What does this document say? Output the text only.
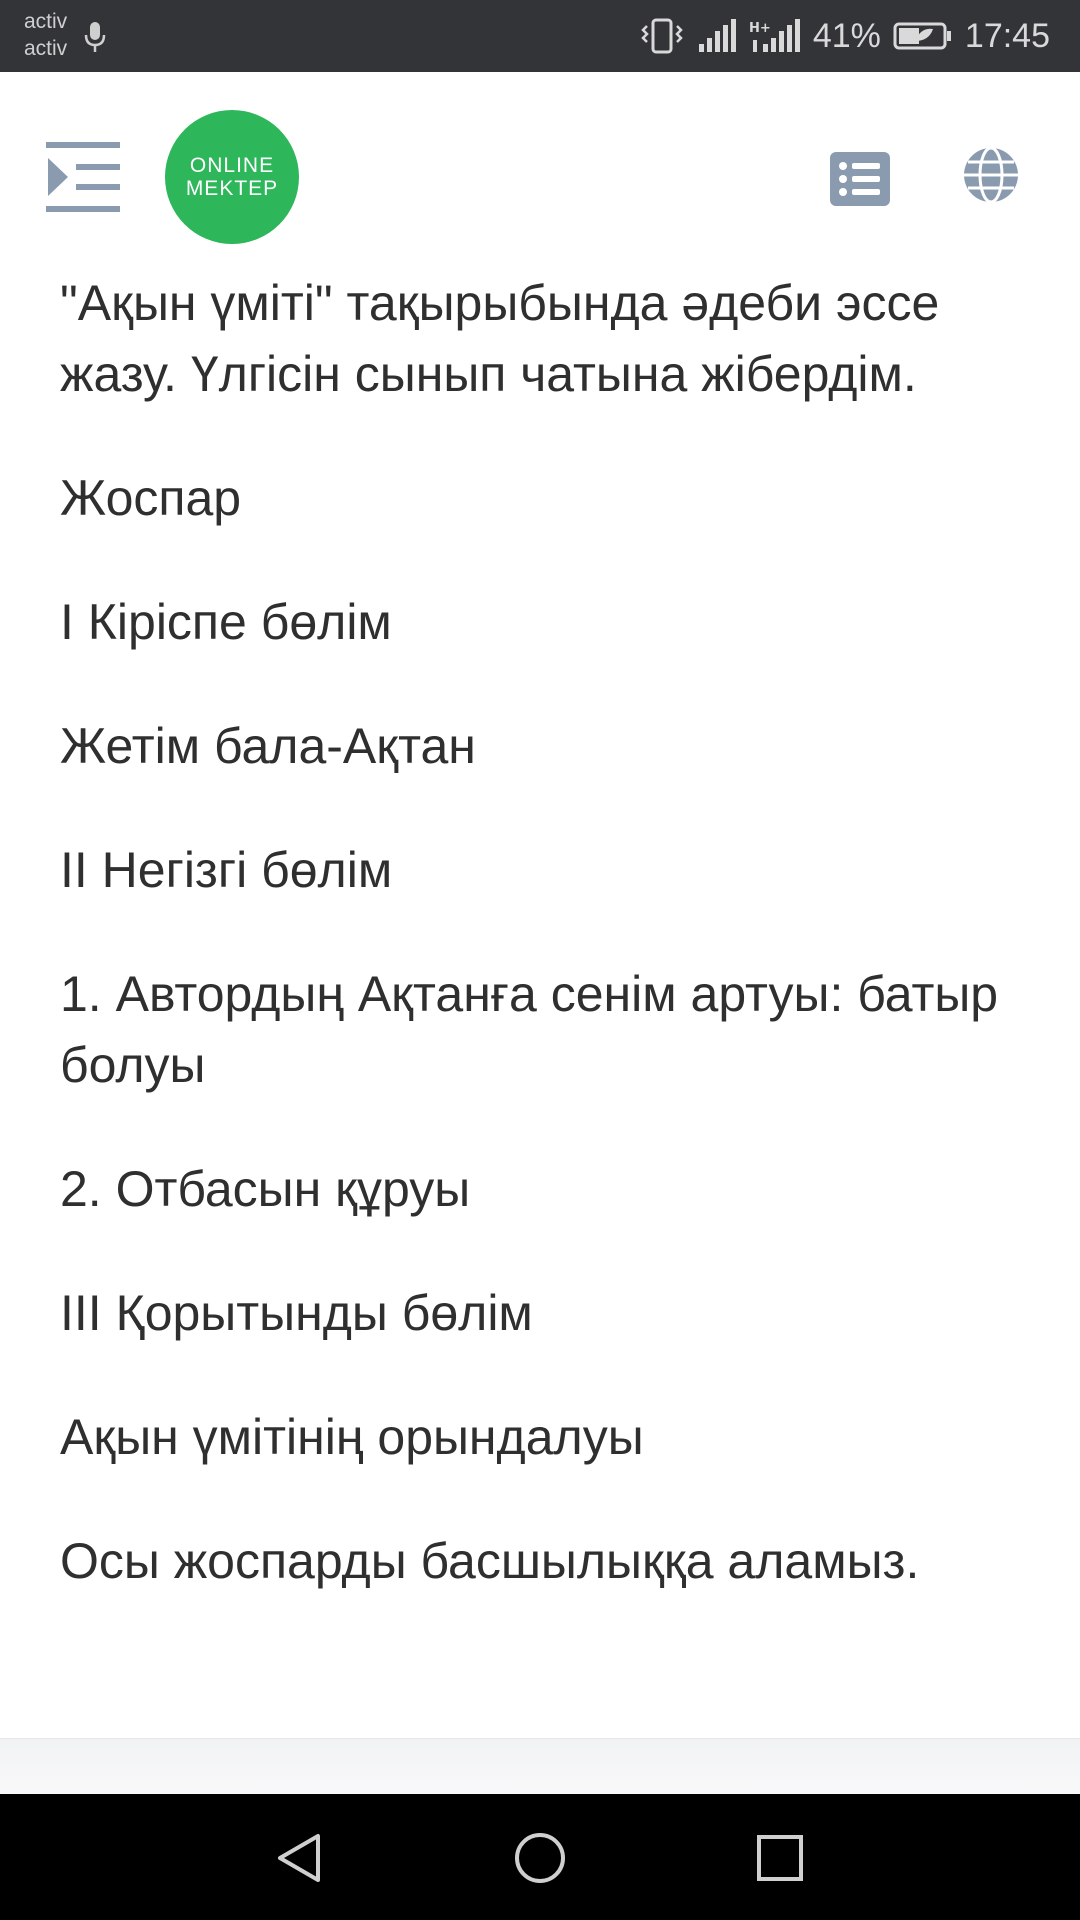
activ
activ
H+ 41% 17:45
ONLINE
MEKTEP

"Ақын үміті" тақырыбында әдеби эссе жазу. Үлгісін сынып чатына жібердім.

Жоспар

I Кіріспе бөлім

Жетім бала-Ақтан

II Негізгі бөлім

1. Автордың Ақтанға сенім артуы: батыр болуы

2. Отбасын құруы

III Қорытынды бөлім

Ақын үмітінің орындалуы

Осы жоспарды басшылыққа аламыз.
